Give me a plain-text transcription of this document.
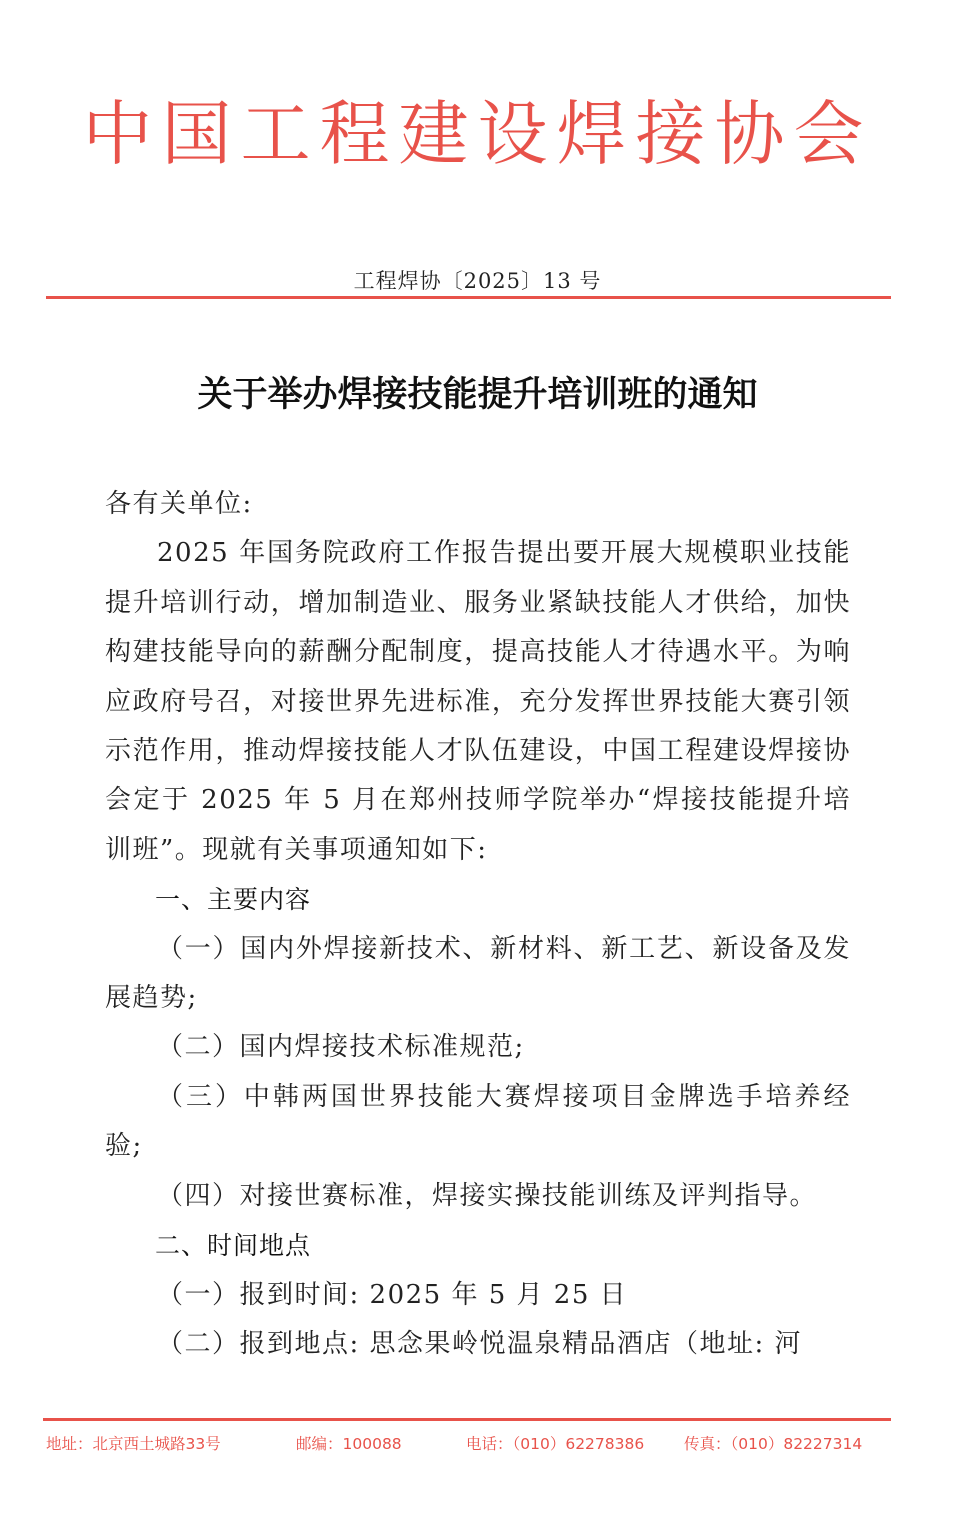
中国工程建设焊接协会
工程焊协〔2025〕13 号
关于举办焊接技能提升培训班的通知

各有关单位:

2025 年国务院政府工作报告提出要开展大规模职业技能提升培训行动，增加制造业、服务业紧缺技能人才供给，加快构建技能导向的薪酬分配制度，提高技能人才待遇水平。为响应政府号召，对接世界先进标准，充分发挥世界技能大赛引领示范作用，推动焊接技能人才队伍建设，中国工程建设焊接协会定于 2025 年 5 月在郑州技师学院举办“焊接技能提升培训班”。现就有关事项通知如下:

一、主要内容

（一）国内外焊接新技术、新材料、新工艺、新设备及发展趋势;

（二）国内焊接技术标准规范;

（三）中韩两国世界技能大赛焊接项目金牌选手培养经验;

（四）对接世赛标准，焊接实操技能训练及评判指导。

二、时间地点

（一）报到时间: 2025 年 5 月 25 日

（二）报到地点: 思念果岭悦温泉精品酒店（地址: 河

地址：北京西土城路33号	邮编：100088	电话：（010）62278386	传真：（010）82227314
